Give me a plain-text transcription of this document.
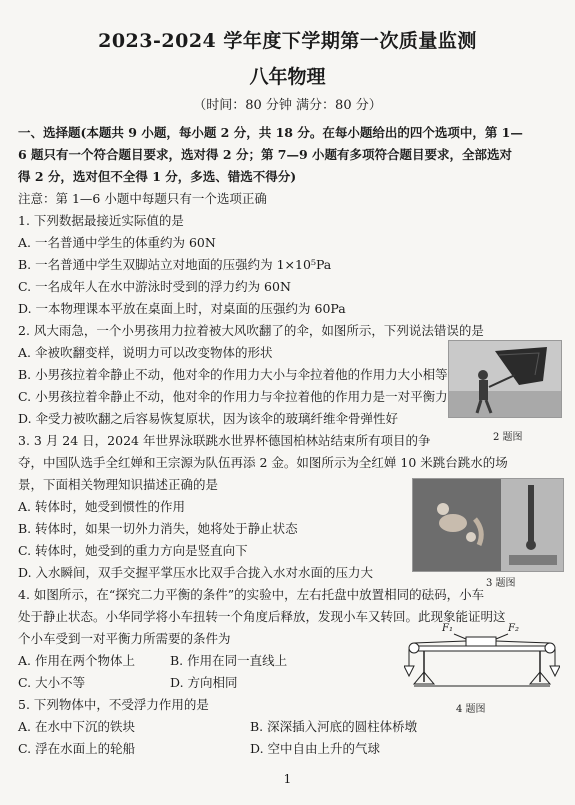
2023-2024 学年度下学期第一次质量监测
八年物理
（时间：80 分钟 满分：80 分）
一、选择题(本题共 9 小题，每小题 2 分，共 18 分。在每小题给出的四个选项中，第 1—
6 题只有一个符合题目要求，选对得 2 分；第 7—9 小题有多项符合题目要求，全部选对
得 2 分，选对但不全得 1 分，多选、错选不得分)
注意：第 1—6 小题中每题只有一个选项正确
1. 下列数据最接近实际值的是
A. 一名普通中学生的体重约为 60N
B. 一名普通中学生双脚站立对地面的压强约为 1×10⁵Pa
C. 一名成年人在水中游泳时受到的浮力约为 60N
D. 一本物理课本平放在桌面上时，对桌面的压强约为 60Pa
2. 风大雨急，一个小男孩用力拉着被大风吹翻了的伞，如图所示，下列说法错误的是
A. 伞被吹翻变样，说明力可以改变物体的形状
B. 小男孩拉着伞静止不动，他对伞的作用力大小与伞拉着他的作用力大小相等
C. 小男孩拉着伞静止不动，他对伞的作用力与伞拉着他的作用力是一对平衡力
D. 伞受力被吹翻之后容易恢复原状，因为该伞的玻璃纤维伞骨弹性好
2 题图
3. 3 月 24 日，2024 年世界泳联跳水世界杯德国柏林站结束所有项目的争
夺，中国队选手全红婵和王宗源为队伍再添 2 金。如图所示为全红婵 10 米跳台跳水的场
景，下面相关物理知识描述正确的是
A. 转体时，她受到惯性的作用
B. 转体时，如果一切外力消失，她将处于静止状态
C. 转体时，她受到的重力方向是竖直向下
D. 入水瞬间，双手交握平掌压水比双手合拢入水对水面的压力大
3 题图
4. 如图所示，在“探究二力平衡的条件”的实验中，左右托盘中放置相同的砝码，小车
处于静止状态。小华同学将小车扭转一个角度后释放，发现小车又转回。此现象能证明这
个小车受到一对平衡力所需要的条件为
A. 作用在两个物体上	B. 作用在同一直线上
C. 大小不等	D. 方向相同
F₁	F₂
4 题图
5. 下列物体中，不受浮力作用的是
A. 在水中下沉的铁块	B. 深深插入河底的圆柱体桥墩
C. 浮在水面上的轮船	D. 空中自由上升的气球
1
